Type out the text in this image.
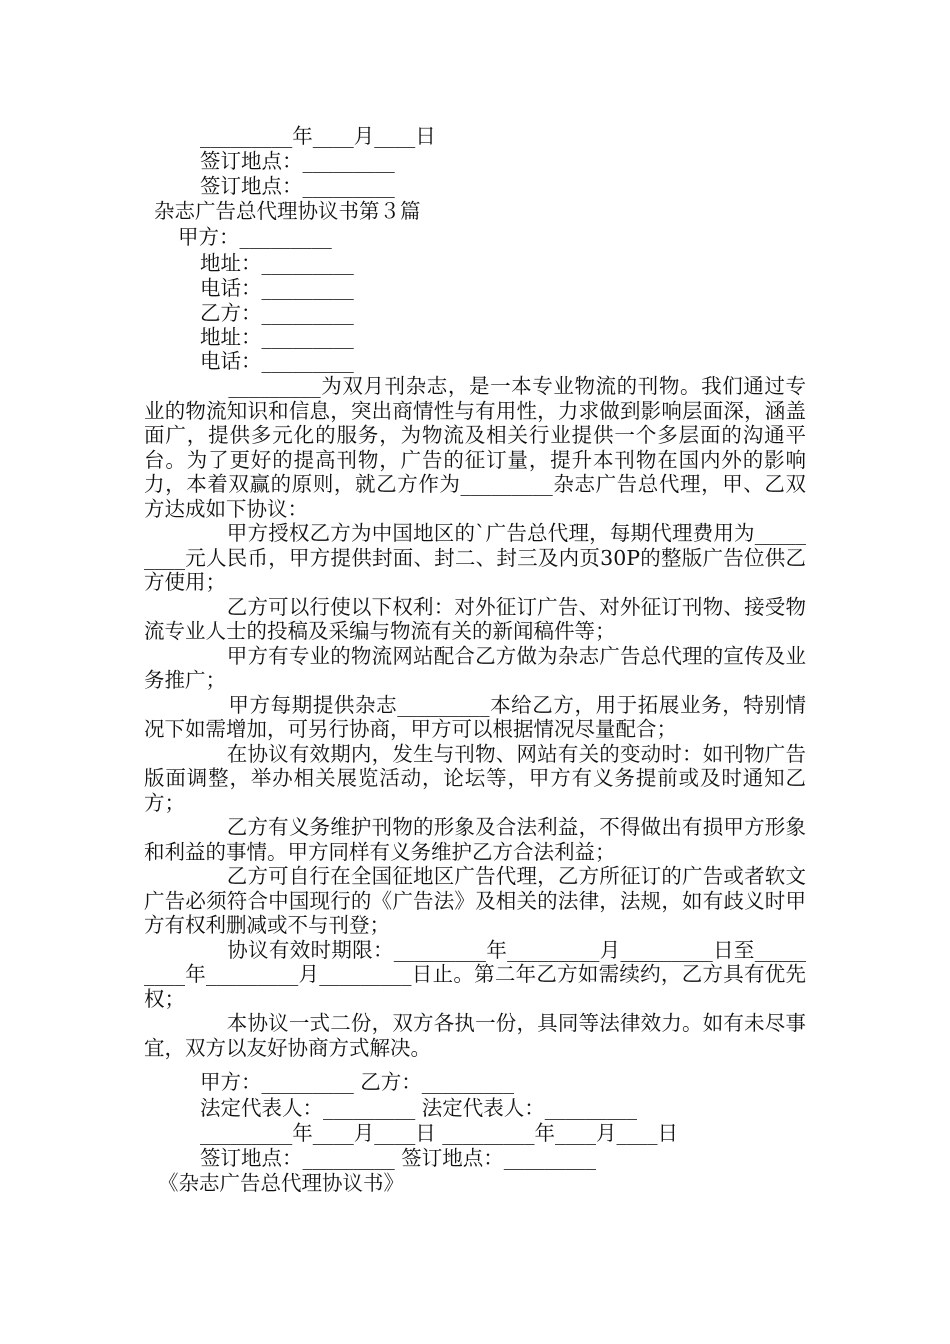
_________年____月____日
签订地点：_________
签订地点：_________
杂志广告总代理协议书第３篇
甲方：_________
地址：_________
电话：_________
乙方：_________
地址：_________
电话：_________

　　　　_________为双月刊杂志，是一本专业物流的刊物。我们通过专业的物流知识和信息，突出商情性与有用性，力求做到影响层面深，涵盖面广，提供多元化的服务，为物流及相关行业提供一个多层面的沟通平台。为了更好的提高刊物，广告的征订量，提升本刊物在国内外的影响力，本着双赢的原则，就乙方作为_________杂志广告总代理，甲、乙双方达成如下协议：

　　　　甲方授权乙方为中国地区的`广告总代理，每期代理费用为_________元人民币，甲方提供封面、封二、封三及内页30P的整版广告位供乙方使用；

　　　　乙方可以行使以下权利：对外征订广告、对外征订刊物、接受物流专业人士的投稿及采编与物流有关的新闻稿件等；

　　　　甲方有专业的物流网站配合乙方做为杂志广告总代理的宣传及业务推广；

　　　　甲方每期提供杂志_________本给乙方，用于拓展业务，特别情况下如需增加，可另行协商，甲方可以根据情况尽量配合；

　　　　在协议有效期内，发生与刊物、网站有关的变动时：如刊物广告版面调整，举办相关展览活动，论坛等，甲方有义务提前或及时通知乙方；

　　　　乙方有义务维护刊物的形象及合法利益，不得做出有损甲方形象和利益的事情。甲方同样有义务维护乙方合法利益；

　　　　乙方可自行在全国征地区广告代理，乙方所征订的广告或者软文广告必须符合中国现行的《广告法》及相关的法律，法规，如有歧义时甲方有权利删减或不与刊登；

　　　　协议有效时期限：_________年_________月_________日至_________年_________月_________日止。第二年乙方如需续约，乙方具有优先权；

　　　　本协议一式二份，双方各执一份，具同等法律效力。如有未尽事宜，双方以友好协商方式解决。

甲方：_________ 乙方：_________
法定代表人：_________ 法定代表人：_________
_________年____月____日 _________年____月____日
签订地点：_________ 签订地点：_________
《杂志广告总代理协议书》
